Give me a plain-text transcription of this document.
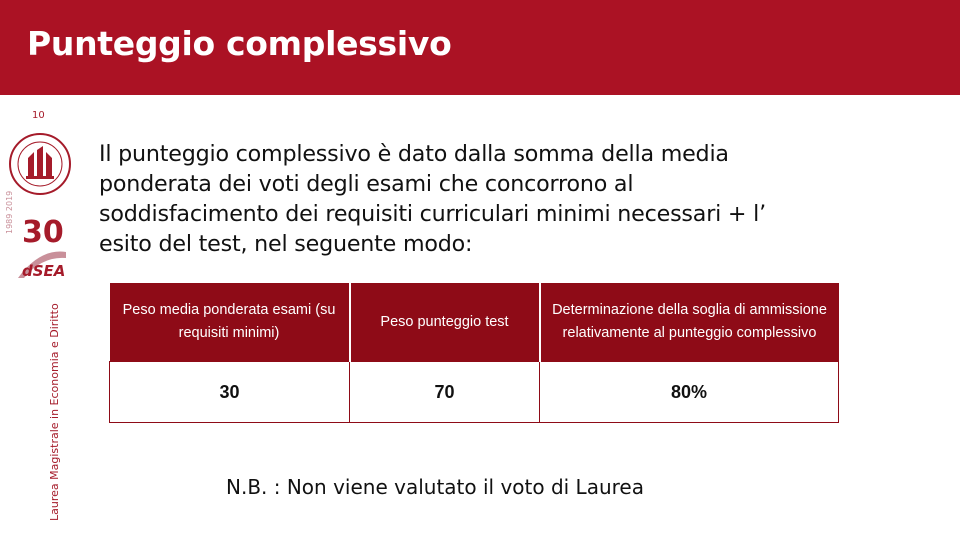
Punteggio complessivo
10
Laurea Magistrale in Economia e Diritto
1989 2019 30
dSEA
Il punteggio complessivo è dato dalla somma della media ponderata dei voti degli esami che concorrono al soddisfacimento dei requisiti curriculari minimi necessari + l’ esito del test, nel seguente modo:
Peso media ponderata esami (su requisiti minimi)	Peso punteggio test	Determinazione della soglia di ammissione relativamente al punteggio complessivo
30	70	80%
N.B. : Non viene valutato il voto di Laurea
